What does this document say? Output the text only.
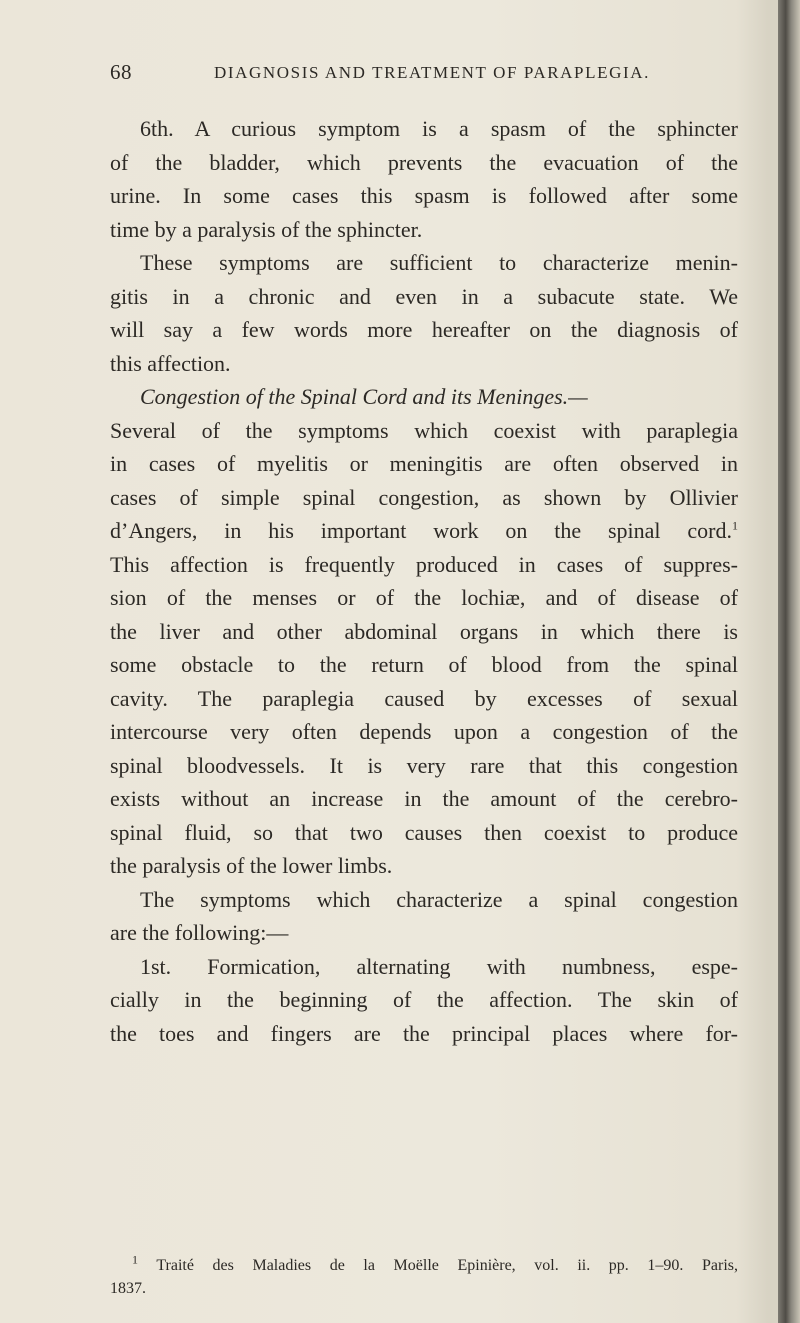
68	DIAGNOSIS AND TREATMENT OF PARAPLEGIA.
6th. A curious symptom is a spasm of the sphincter
of the bladder, which prevents the evacuation of the
urine. In some cases this spasm is followed after some
time by a paralysis of the sphincter.
These symptoms are sufficient to characterize menin-
gitis in a chronic and even in a subacute state. We
will say a few words more hereafter on the diagnosis of
this affection.
Congestion of the Spinal Cord and its Meninges.—
Several of the symptoms which coexist with paraplegia
in cases of myelitis or meningitis are often observed in
cases of simple spinal congestion, as shown by Ollivier
d’Angers, in his important work on the spinal cord.$^1$
This affection is frequently produced in cases of suppres-
sion of the menses or of the lochiæ, and of disease of
the liver and other abdominal organs in which there is
some obstacle to the return of blood from the spinal
cavity. The paraplegia caused by excesses of sexual
intercourse very often depends upon a congestion of the
spinal bloodvessels. It is very rare that this congestion
exists without an increase in the amount of the cerebro-
spinal fluid, so that two causes then coexist to produce
the paralysis of the lower limbs.
The symptoms which characterize a spinal congestion
are the following:—
1st. Formication, alternating with numbness, espe-
cially in the beginning of the affection. The skin of
the toes and fingers are the principal places where for-
$^1$ Traité des Maladies de la Moëlle Epinière, vol. ii. pp. 1–90. Paris,
1837.
